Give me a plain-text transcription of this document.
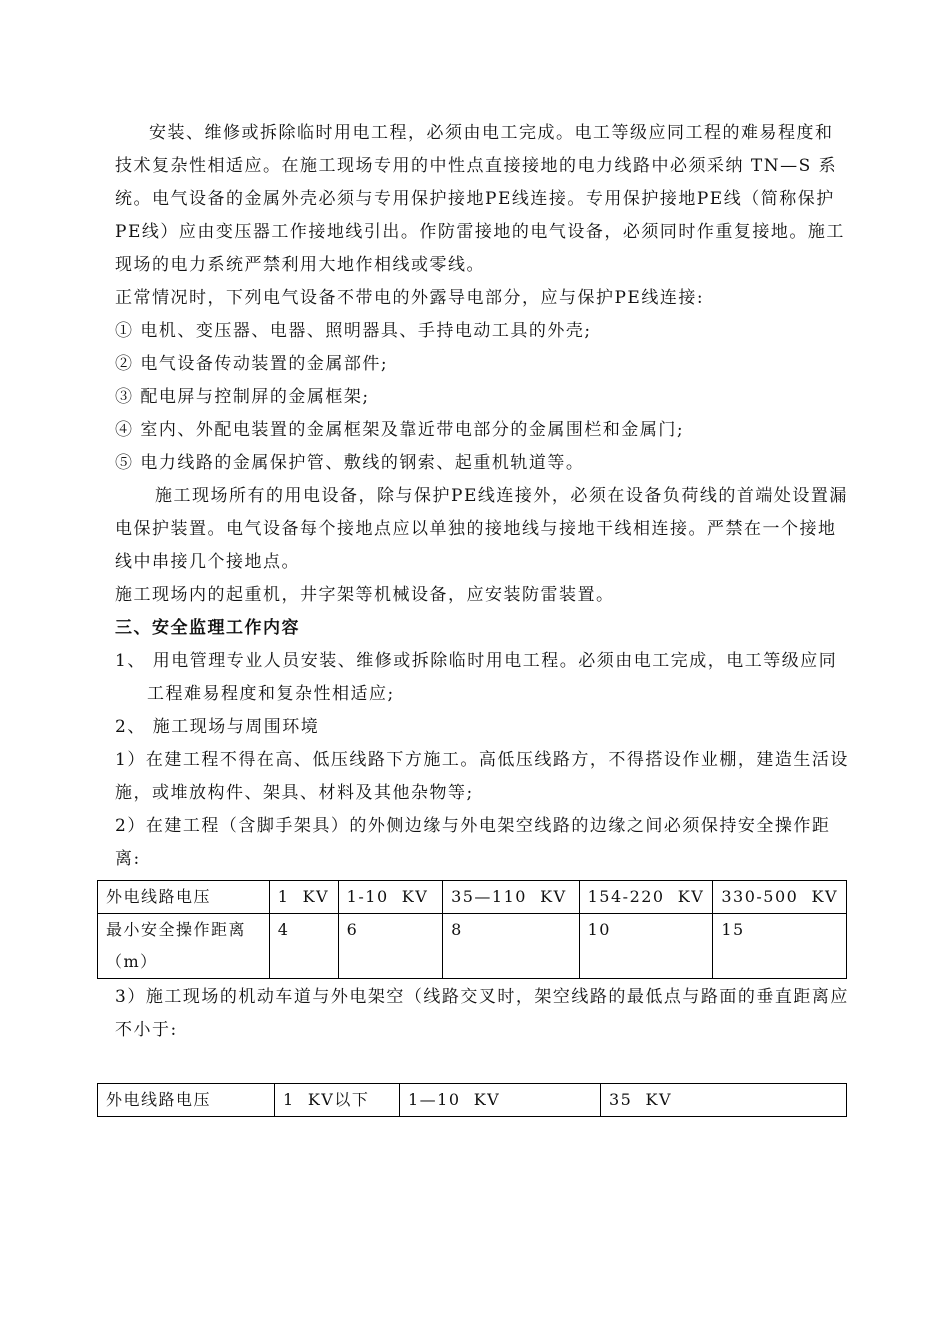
安装、维修或拆除临时用电工程，必须由电工完成。电工等级应同工程的难易程度和技术复杂性相适应。在施工现场专用的中性点直接接地的电力线路中必须采纳 TN—S 系统。电气设备的金属外壳必须与专用保护接地PE线连接。专用保护接地PE线（简称保护PE线）应由变压器工作接地线引出。作防雷接地的电气设备，必须同时作重复接地。施工现场的电力系统严禁利用大地作相线或零线。

正常情况时，下列电气设备不带电的外露导电部分，应与保护PE线连接:

① 电机、变压器、电器、照明器具、手持电动工具的外壳;

② 电气设备传动装置的金属部件;

③ 配电屏与控制屏的金属框架;

④ 室内、外配电装置的金属框架及靠近带电部分的金属围栏和金属门;

⑤ 电力线路的金属保护管、敷线的钢索、起重机轨道等。

施工现场所有的用电设备，除与保护PE线连接外，必须在设备负荷线的首端处设置漏电保护装置。电气设备每个接地点应以单独的接地线与接地干线相连接。严禁在一个接地线中串接几个接地点。

施工现场内的起重机，井字架等机械设备，应安装防雷装置。

三、安全监理工作内容

1、 用电管理专业人员安装、维修或拆除临时用电工程。必须由电工完成，电工等级应同工程难易程度和复杂性相适应;

2、 施工现场与周围环境

1）在建工程不得在高、低压线路下方施工。高低压线路方，不得搭设作业棚，建造生活设施，或堆放构件、架具、材料及其他杂物等;

2）在建工程（含脚手架具）的外侧边缘与外电架空线路的边缘之间必须保持安全操作距离:

外电线路电压	1  KV	1-10  KV	35—110  KV	154-220  KV	330-500  KV
最小安全操作距离（m）	4	6	8	10	15

3）施工现场的机动车道与外电架空（线路交叉时，架空线路的最低点与路面的垂直距离应不小于:

外电线路电压	1  KV以下	1—10  KV	35  KV
